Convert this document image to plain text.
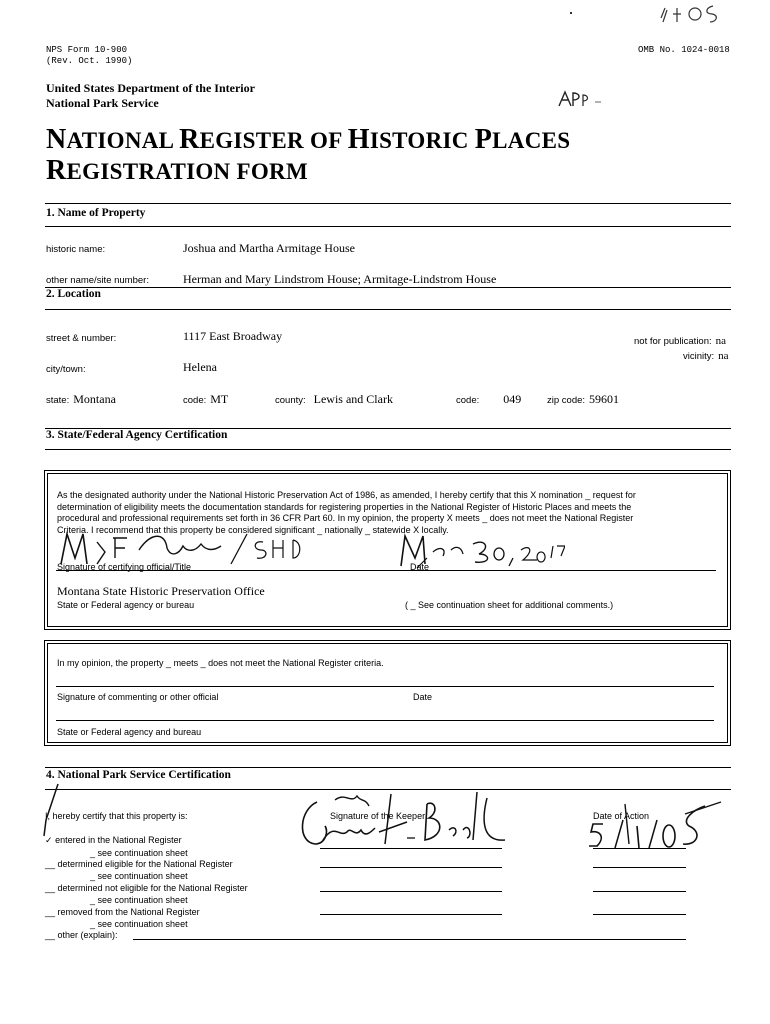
NPS Form 10-900
(Rev. Oct. 1990)
OMB No. 1024-0018
United States Department of the Interior
National Park Service
NATIONAL REGISTER OF HISTORIC PLACES
REGISTRATION FORM
1. Name of Property
historic name:	Joshua and Martha Armitage House
other name/site number:	Herman and Mary Lindstrom House; Armitage-Lindstrom House
2. Location
street & number:	1117 East Broadway	not for publication: na
vicinity: na
city/town:	Helena
state: Montana	code: MT	county: Lewis and Clark	code: 049	zip code: 59601
3. State/Federal Agency Certification
As the designated authority under the National Historic Preservation Act of 1986, as amended, I hereby certify that this X nomination _ request for
determination of eligibility meets the documentation standards for registering properties in the National Register of Historic Places and meets the
procedural and professional requirements set forth in 36 CFR Part 60. In my opinion, the property X meets _ does not meet the National Register
Criteria. I recommend that this property be considered significant _ nationally _ statewide X locally.
Signature of certifying official/Title	Date
Montana State Historic Preservation Office
State or Federal agency or bureau	( _ See continuation sheet for additional comments.)
In my opinion, the property _ meets _ does not meet the National Register criteria.
Signature of commenting or other official	Date
State or Federal agency and bureau
4. National Park Service Certification
I, hereby certify that this property is:	Signature of the Keeper	Date of Action
✓ entered in the National Register
_ see continuation sheet
__ determined eligible for the National Register
_ see continuation sheet
__ determined not eligible for the National Register
_ see continuation sheet
__ removed from the National Register
_ see continuation sheet
__ other (explain):
